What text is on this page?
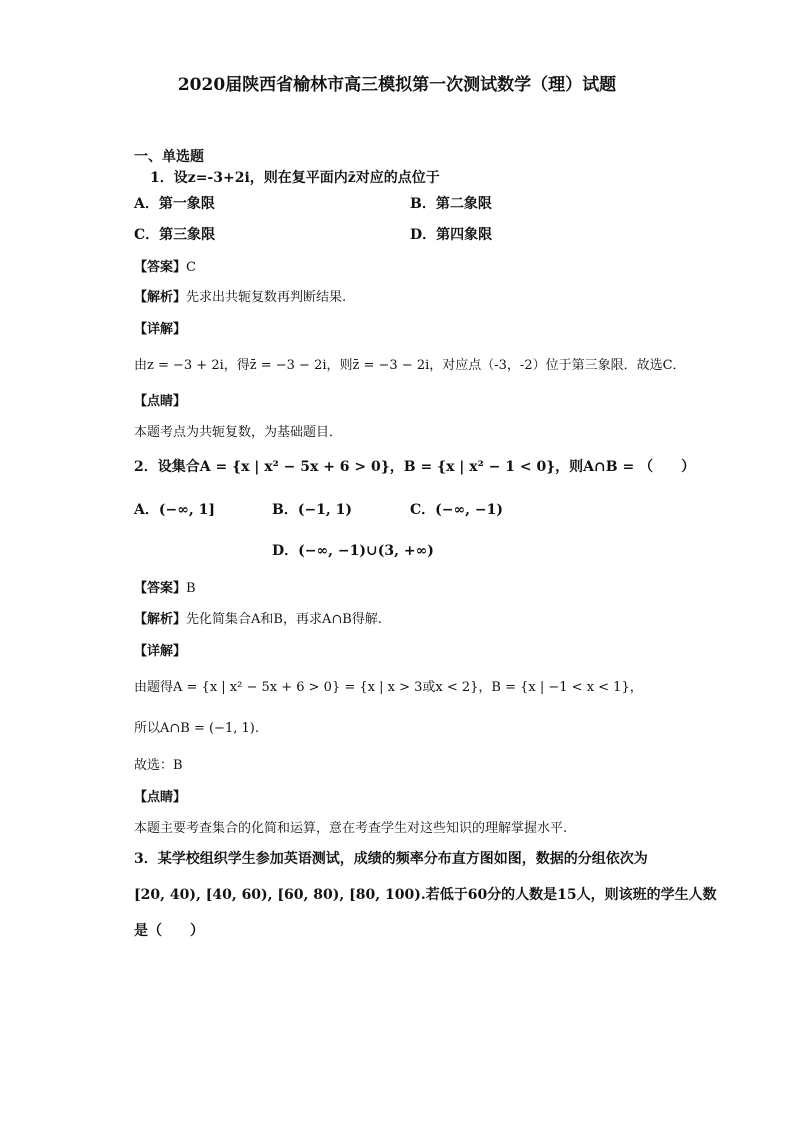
2020届陕西省榆林市高三模拟第一次测试数学（理）试题
一、单选题
1．设z=-3+2i，则在复平面内z̄对应的点位于
A．第一象限	B．第二象限
C．第三象限	D．第四象限
【答案】C
【解析】先求出共轭复数再判断结果.
【详解】
由z = −3 + 2i，得z̄ = −3 − 2i，则z̄ = −3 − 2i，对应点（-3，-2）位于第三象限．故选C．
【点睛】
本题考点为共轭复数，为基础题目．
2．设集合A = {x | x² − 5x + 6 > 0}，B = {x | x² − 1 < 0}，则A∩B = （　　）
A．(−∞, 1]	B．(−1, 1)	C．(−∞, −1)
D．(−∞, −1)∪(3, +∞)
【答案】B
【解析】先化简集合A和B，再求A∩B得解.
【详解】
由题得A = {x | x² − 5x + 6 > 0} = {x | x > 3或x < 2}，B = {x | −1 < x < 1}，
所以A∩B = (−1, 1).
故选：B
【点睛】
本题主要考查集合的化简和运算，意在考查学生对这些知识的理解掌握水平.
3．某学校组织学生参加英语测试，成绩的频率分布直方图如图，数据的分组依次为
[20, 40), [40, 60), [60, 80), [80, 100).若低于60分的人数是15人，则该班的学生人数
是（　　）
